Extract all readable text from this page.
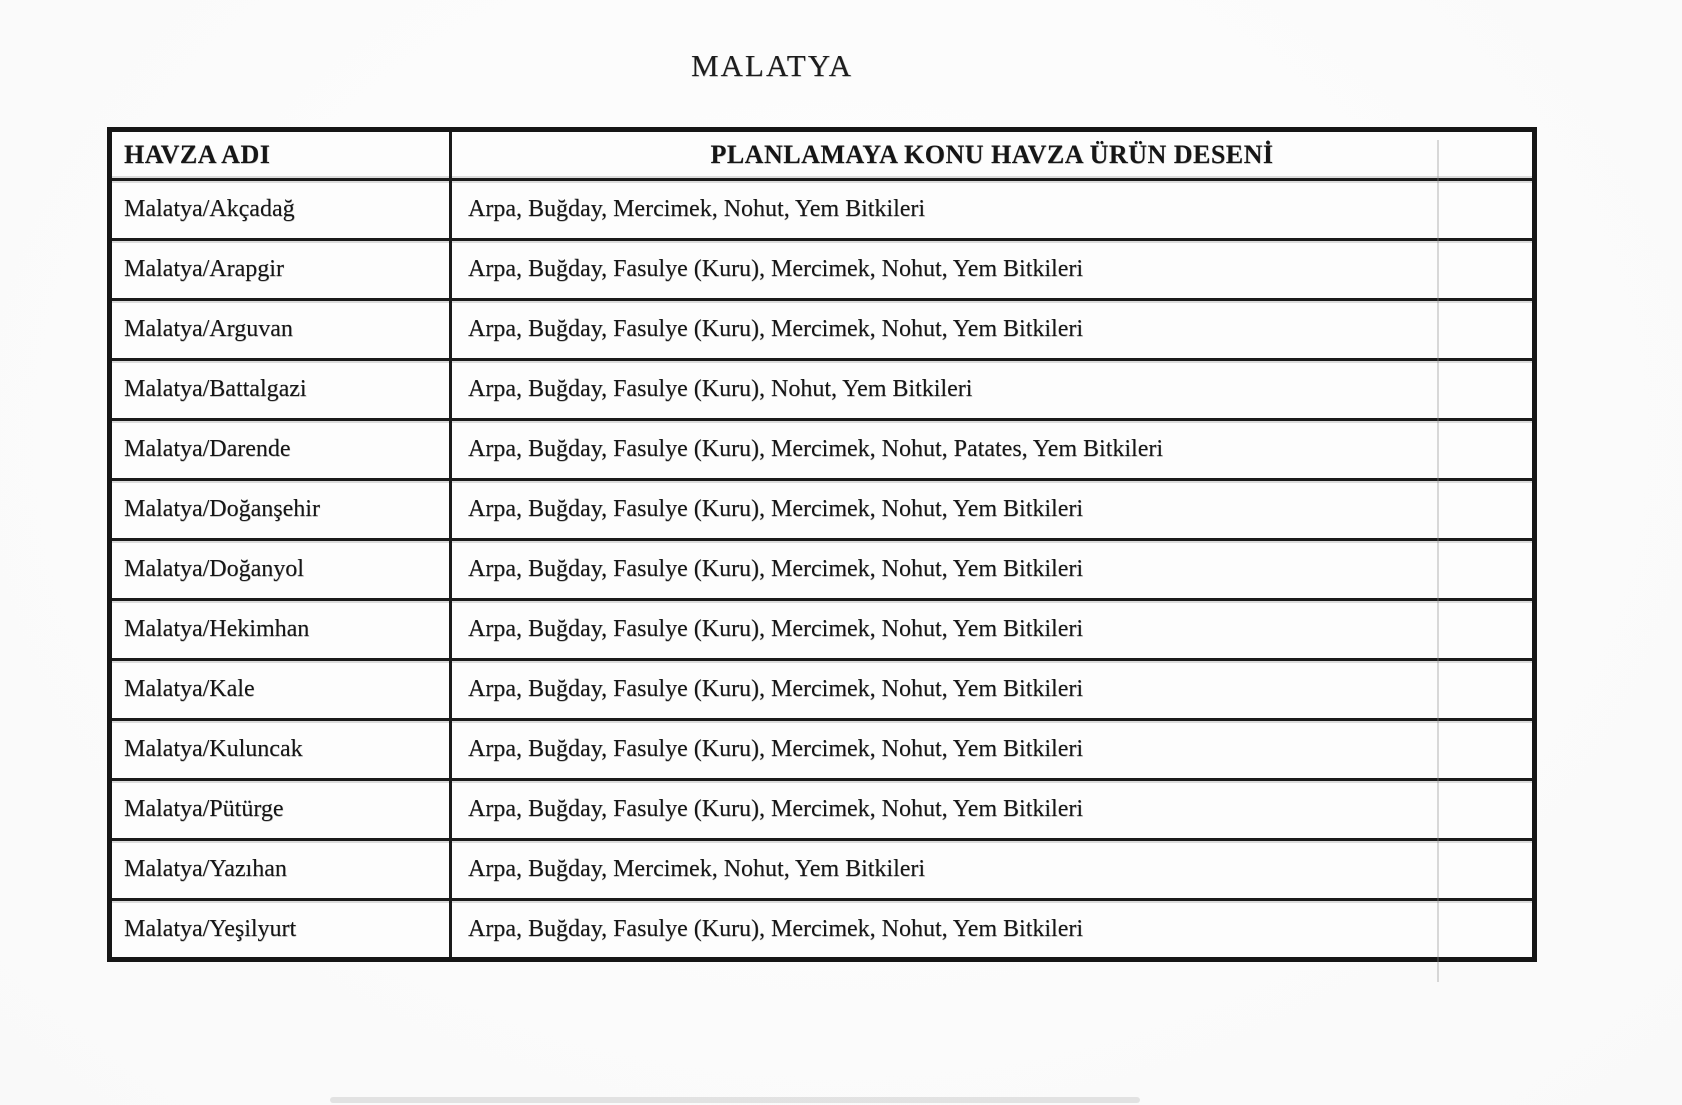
MALATYA
HAVZA ADI	PLANLAMAYA KONU HAVZA ÜRÜN DESENİ
Malatya/Akçadağ	Arpa, Buğday, Mercimek, Nohut, Yem Bitkileri
Malatya/Arapgir	Arpa, Buğday, Fasulye (Kuru), Mercimek, Nohut, Yem Bitkileri
Malatya/Arguvan	Arpa, Buğday, Fasulye (Kuru), Mercimek, Nohut, Yem Bitkileri
Malatya/Battalgazi	Arpa, Buğday, Fasulye (Kuru), Nohut, Yem Bitkileri
Malatya/Darende	Arpa, Buğday, Fasulye (Kuru), Mercimek, Nohut, Patates, Yem Bitkileri
Malatya/Doğanşehir	Arpa, Buğday, Fasulye (Kuru), Mercimek, Nohut, Yem Bitkileri
Malatya/Doğanyol	Arpa, Buğday, Fasulye (Kuru), Mercimek, Nohut, Yem Bitkileri
Malatya/Hekimhan	Arpa, Buğday, Fasulye (Kuru), Mercimek, Nohut, Yem Bitkileri
Malatya/Kale	Arpa, Buğday, Fasulye (Kuru), Mercimek, Nohut, Yem Bitkileri
Malatya/Kuluncak	Arpa, Buğday, Fasulye (Kuru), Mercimek, Nohut, Yem Bitkileri
Malatya/Pütürge	Arpa, Buğday, Fasulye (Kuru), Mercimek, Nohut, Yem Bitkileri
Malatya/Yazıhan	Arpa, Buğday, Mercimek, Nohut, Yem Bitkileri
Malatya/Yeşilyurt	Arpa, Buğday, Fasulye (Kuru), Mercimek, Nohut, Yem Bitkileri
